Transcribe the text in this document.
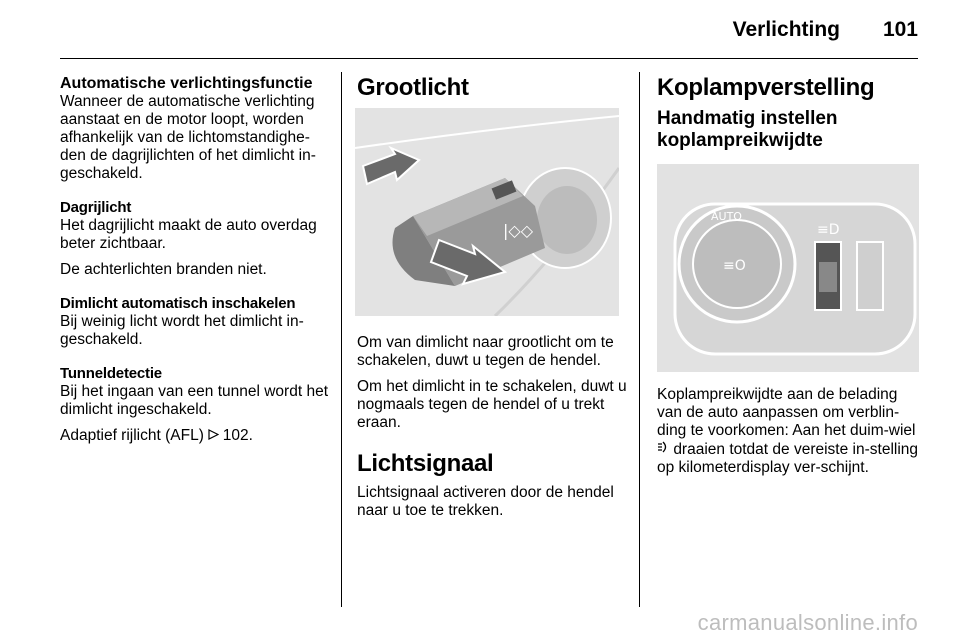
Verlichting 101
Automatische verlichtingsfunctie

Wanneer de automatische verlichting aanstaat en de motor loopt, worden afhankelijk van de lichtomstandighe-den de dagrijlichten of het dimlicht in-geschakeld.

Dagrijlicht

Het dagrijlicht maakt de auto overdag beter zichtbaar.

De achterlichten branden niet.

Dimlicht automatisch inschakelen

Bij weinig licht wordt het dimlicht in-geschakeld.

Tunneldetectie

Bij het ingaan van een tunnel wordt het dimlicht ingeschakeld.

Adaptief rijlicht (AFL) 102.

Grootlicht
|◇◇

Om van dimlicht naar grootlicht om te schakelen, duwt u tegen de hendel.

Om het dimlicht in te schakelen, duwt u nogmaals tegen de hendel of u trekt eraan.

Lichtsignaal

Lichtsignaal activeren door de hendel naar u toe te trekken.

Koplampverstelling
Handmatig instellen koplampreikwijdte
≡O
AUTO
≡D

Koplampreikwijdte aan de belading van de auto aanpassen om verblin-ding te voorkomen: Aan het duim-wiel  draaien totdat de vereiste in-stelling op kilometerdisplay ver-schijnt.

carmanualsonline.info
